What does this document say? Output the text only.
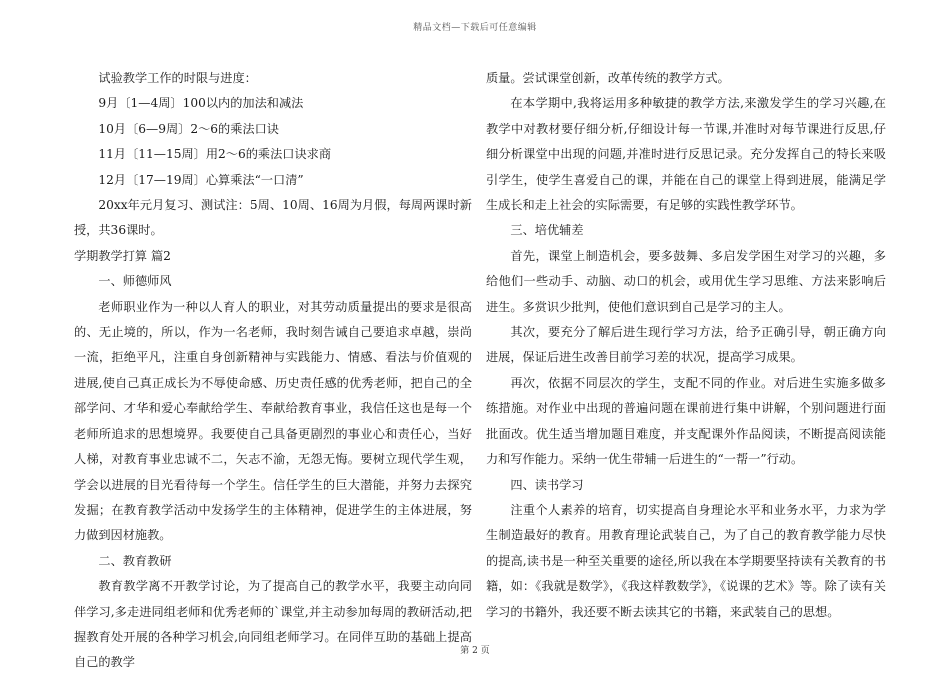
精品文档—下载后可任意编辑

试验教学工作的时限与进度：

9月〔1—4周〕100以内的加法和减法

10月〔6—9周〕2～6的乘法口诀

11月〔11—15周〕用2～6的乘法口诀求商

12月〔17—19周〕心算乘法“一口清”

20xx年元月复习、测试注：5周、10周、16周为月假，每周两课时新授，共36课时。

学期教学打算 篇2

一、师德师风

老师职业作为一种以人育人的职业，对其劳动质量提出的要求是很高的、无止境的，所以，作为一名老师，我时刻告诫自己要追求卓越，崇尚一流，拒绝平凡，注重自身创新精神与实践能力、情感、看法与价值观的进展,使自己真正成长为不辱使命感、历史责任感的优秀老师，把自己的全部学问、才华和爱心奉献给学生、奉献给教育事业，我信任这也是每一个老师所追求的思想境界。我要使自己具备更剧烈的事业心和责任心，当好人梯，对教育事业忠诚不二，矢志不渝，无怨无悔。要树立现代学生观，学会以进展的目光看待每一个学生。信任学生的巨大潜能，并努力去探究发掘；在教育教学活动中发扬学生的主体精神，促进学生的主体进展，努力做到因材施教。

二、教育教研

教育教学离不开教学讨论，为了提高自己的教学水平，我要主动向同伴学习,多走进同组老师和优秀老师的`课堂,并主动参加每周的教研活动,把握教育处开展的各种学习机会,向同组老师学习。在同伴互助的基础上提高自己的教学

质量。尝试课堂创新，改革传统的教学方式。

在本学期中,我将运用多种敏捷的教学方法,来激发学生的学习兴趣,在教学中对教材要仔细分析,仔细设计每一节课,并准时对每节课进行反思,仔细分析课堂中出现的问题,并准时进行反思记录。充分发挥自己的特长来吸引学生，使学生喜爱自己的课，并能在自己的课堂上得到进展，能满足学生成长和走上社会的实际需要，有足够的实践性教学环节。

三、培优辅差

首先，课堂上制造机会，要多鼓舞、多启发学困生对学习的兴趣，多给他们一些动手、动脑、动口的机会，或用优生学习思维、方法来影响后进生。多赏识少批判，使他们意识到自己是学习的主人。

其次，要充分了解后进生现行学习方法，给予正确引导，朝正确方向进展，保证后进生改善目前学习差的状况，提高学习成果。

再次，依据不同层次的学生，支配不同的作业。对后进生实施多做多练措施。对作业中出现的普遍问题在课前进行集中讲解，个别问题进行面批面改。优生适当增加题目难度，并支配课外作品阅读，不断提高阅读能力和写作能力。采纳一优生带辅一后进生的“一帮一”行动。

四、读书学习

注重个人素养的培育，切实提高自身理论水平和业务水平，力求为学生制造最好的教育。用教育理论武装自己，为了自己的教育教学能力尽快的提高,读书是一种至关重要的途径,所以我在本学期要坚持读有关教育的书籍，如：《我就是数学》，《我这样教数学》，《说课的艺术》等。除了读有关学习的书籍外，我还要不断去读其它的书籍，来武装自己的思想。

第 2 页
